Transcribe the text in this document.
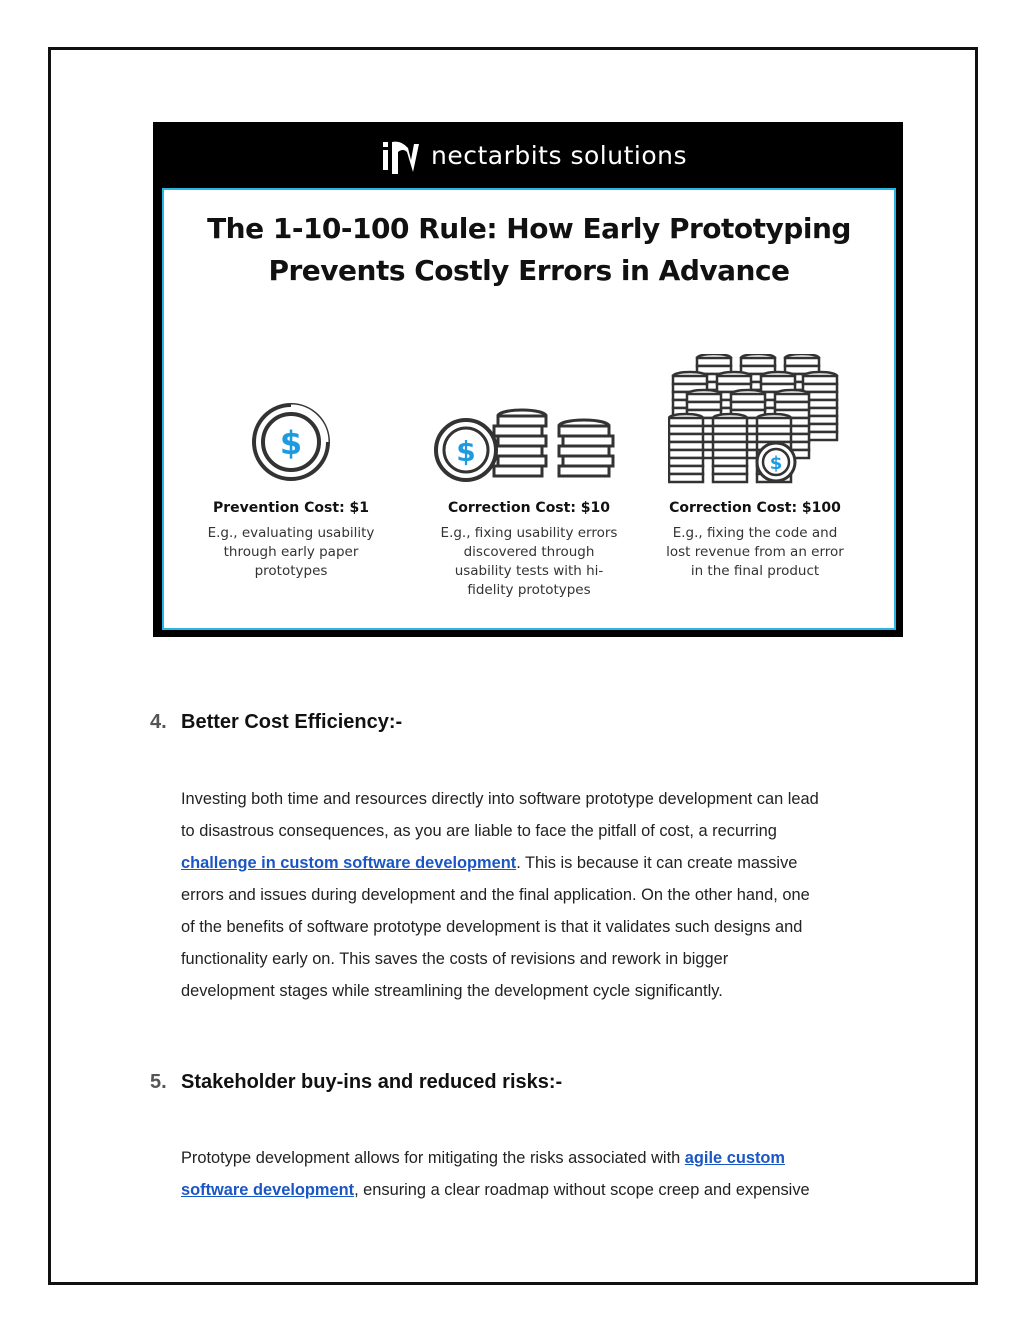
nectarbits solutions
The 1-10-100 Rule: How Early Prototyping
Prevents Costly Errors in Advance
$	$	$
Prevention Cost: $1
E.g., evaluating usability
through early paper
prototypes
Correction Cost: $10
E.g., fixing usability errors
discovered through
usability tests with hi-
fidelity prototypes
Correction Cost: $100
E.g., fixing the code and
lost revenue from an error
in the final product
4. Better Cost Efficiency:-
Investing both time and resources directly into software prototype development can lead
to disastrous consequences, as you are liable to face the pitfall of cost, a recurring
challenge in custom software development. This is because it can create massive
errors and issues during development and the final application. On the other hand, one
of the benefits of software prototype development is that it validates such designs and
functionality early on. This saves the costs of revisions and rework in bigger
development stages while streamlining the development cycle significantly.
5. Stakeholder buy-ins and reduced risks:-
Prototype development allows for mitigating the risks associated with agile custom
software development, ensuring a clear roadmap without scope creep and expensive
